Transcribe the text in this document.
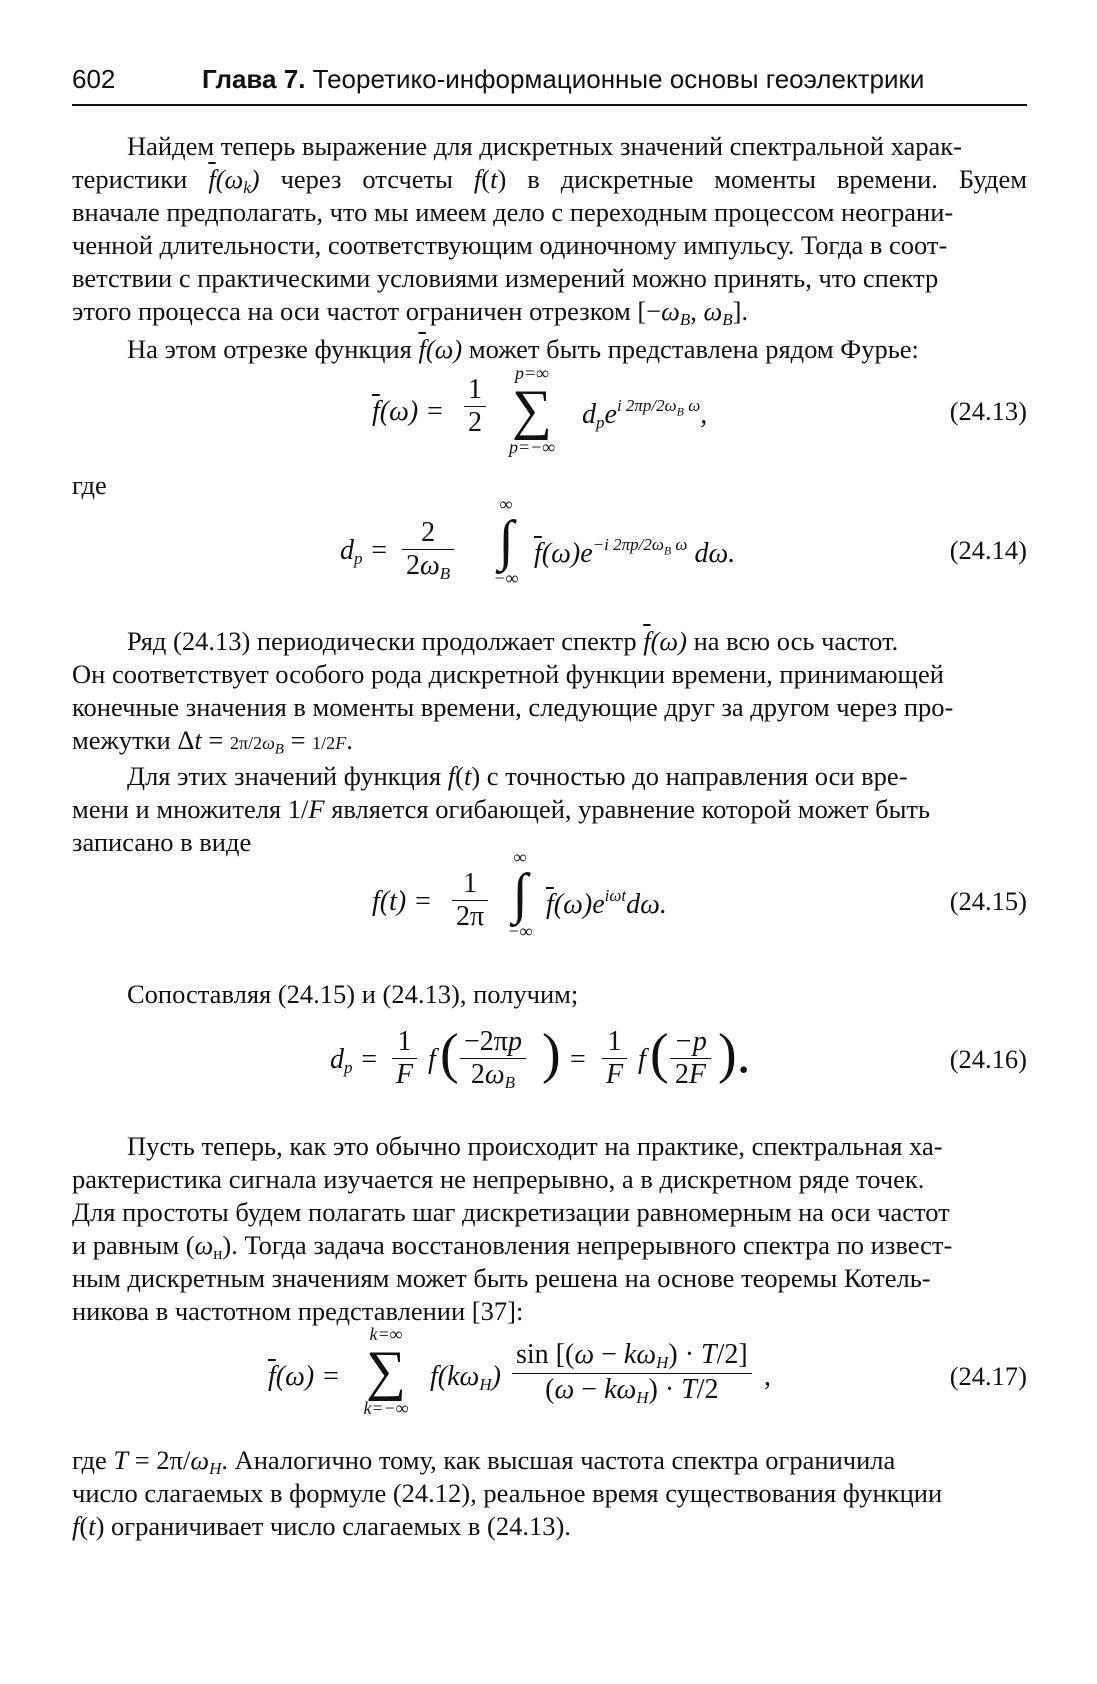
602	Глава 7. Теоретико-информационные основы геоэлектрики
Найдем теперь выражение для дискретных значений спектральной харак-
теристики $\overline{f}(\omega_k)$ через отсчеты f(t) в дискретные моменты времени. Будем
вначале предполагать, что мы имеем дело с переходным процессом неограни-
ченной длительности, соответствующим одиночному импульсу. Тогда в соот-
ветствии с практическими условиями измерений можно принять, что спектр
этого процесса на оси частот ограничен отрезком [$-\omega_B$, $\omega_B$].
На этом отрезке функция $\overline{f}(\omega)$ может быть представлена рядом Фурье:
$\overline{f}(\omega) = \frac{1}{2}$
p=∞
∑
p=−∞
$d_pe^{i 2\pi p/2\omega_B \omega}$,	(24.13)
где
$d_p = \frac{2}{2\omega_B}$
∞
∫
−∞
$\overline{f}(\omega)e^{-i 2\pi p/2\omega_B \omega}$ dω.	(24.14)
Ряд (24.13) периодически продолжает спектр $\overline{f}(\omega)$ на всю ось частот.
Он соответствует особого рода дискретной функции времени, принимающей
конечные значения в моменты времени, следующие друг за другом через про-
межутки $\Delta t = 2\pi/2\omega_B = 1/2F$.
Для этих значений функция f(t) с точностью до направления оси вре-
мени и множителя 1/F является огибающей, уравнение которой может быть
записано в виде
$f(t) = \frac{1}{2\pi}$
∞
∫
−∞
$\overline{f}(\omega)e^{i\omega t}d\omega$.	(24.15)
Сопоставляя (24.15) и (24.13), получим;
$d_p = \frac{1}{F}$ f ( $\frac{-2\pi p}{2\omega_B}$ ) = $\frac{1}{F}$ f ( $\frac{-p}{2F}$ ).	(24.16)
Пусть теперь, как это обычно происходит на практике, спектральная ха-
рактеристика сигнала изучается не непрерывно, а в дискретном ряде точек.
Для простоты будем полагать шаг дискретизации равномерным на оси частот
и равным $(\omega_н)$. Тогда задача восстановления непрерывного спектра по извест-
ным дискретным значениям может быть решена на основе теоремы Котель-
никова в частотном представлении [37]:
$\overline{f}(\omega)$ =
k=∞
∑
k=−∞
$f(k\omega_H) \frac{\sin [(\omega - k\omega_H) \cdot T/2]}{(\omega - k\omega_H) \cdot T/2}$ ,	(24.17)
где $T = 2\pi/\omega_H$. Аналогично тому, как высшая частота спектра ограничила
число слагаемых в формуле (24.12), реальное время существования функции
f(t) ограничивает число слагаемых в (24.13).
